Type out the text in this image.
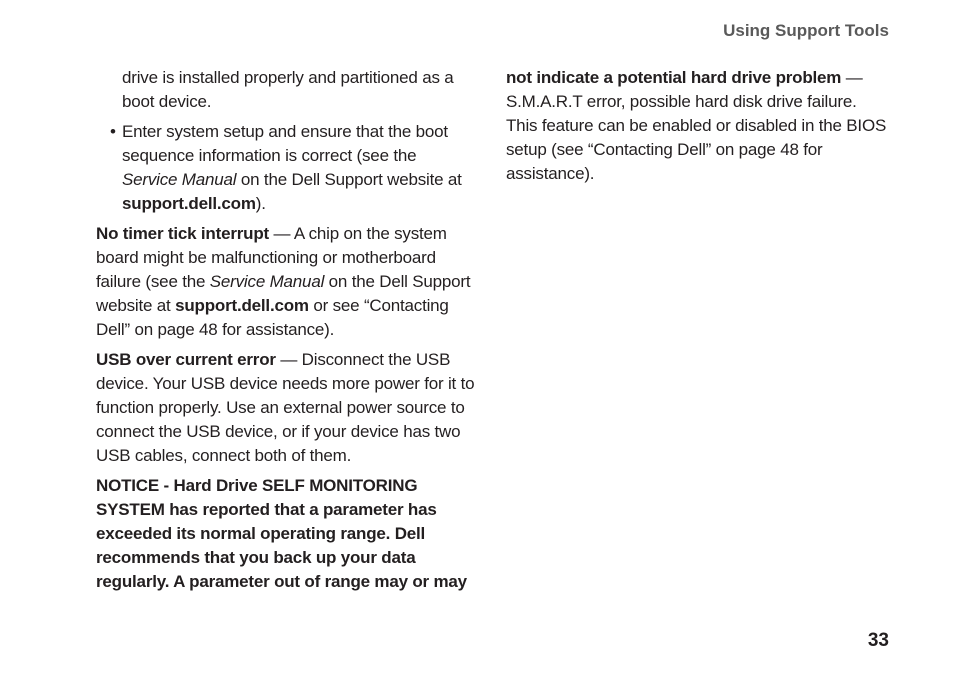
Using Support Tools

drive is installed properly and partitioned as a boot device.

• Enter system setup and ensure that the boot sequence information is correct (see the Service Manual on the Dell Support website at support.dell.com).

No timer tick interrupt — A chip on the system board might be malfunctioning or motherboard failure (see the Service Manual on the Dell Support website at support.dell.com or see “Contacting Dell” on page 48 for assistance).

USB over current error — Disconnect the USB device. Your USB device needs more power for it to function properly. Use an external power source to connect the USB device, or if your device has two USB cables, connect both of them.

NOTICE - Hard Drive SELF MONITORING SYSTEM has reported that a parameter has exceeded its normal operating range. Dell recommends that you back up your data regularly. A parameter out of range may or may

not indicate a potential hard drive problem — S.M.A.R.T error, possible hard disk drive failure. This feature can be enabled or disabled in the BIOS setup (see “Contacting Dell” on page 48 for assistance).

33
